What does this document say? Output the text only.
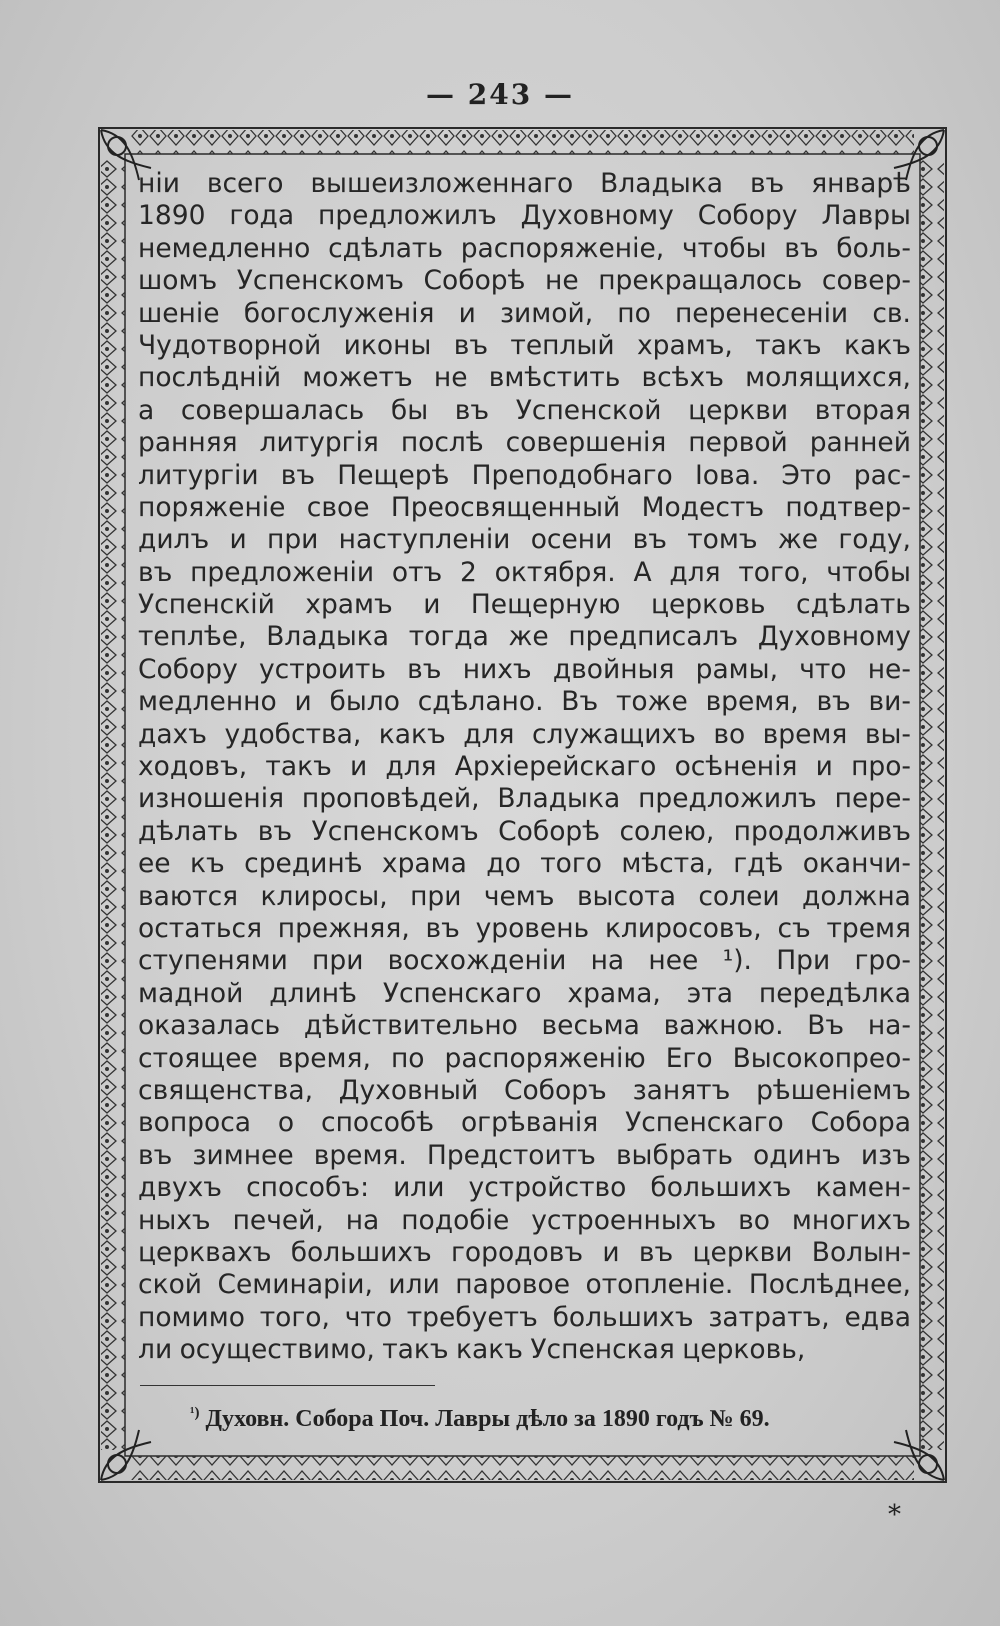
— 243 —
нiи всего вышеизложеннаго Владыка въ январѣ
1890 года предложилъ Духовному Собору Лавры
немедленно сдѣлать распоряженiе, чтобы въ боль-
шомъ Успенскомъ Соборѣ не прекращалось совер-
шенiе богослуженiя и зимой, по перенесенiи св.
Чудотворной иконы въ теплый храмъ, такъ какъ
послѣднiй можетъ не вмѣстить всѣхъ молящихся,
а совершалась бы въ Успенской церкви вторая
ранняя литургiя послѣ совершенiя первой ранней
литургiи въ Пещерѣ Преподобнаго Iова. Это рас-
поряженiе свое Преосвященный Модестъ подтвер-
дилъ и при наступленiи осени въ томъ же году,
въ предложенiи отъ 2 октября. А для того, чтобы
Успенскiй храмъ и Пещерную церковь сдѣлать
теплѣе, Владыка тогда же предписалъ Духовному
Собору устроить въ нихъ двойныя рамы, что не-
медленно и было сдѣлано. Въ тоже время, въ ви-
дахъ удобства, какъ для служащихъ во время вы-
ходовъ, такъ и для Архiерейскаго осѣненiя и про-
изношенiя проповѣдей, Владыка предложилъ пере-
дѣлать въ Успенскомъ Соборѣ солею, продолживъ
ее къ срединѣ храма до того мѣста, гдѣ оканчи-
ваются клиросы, при чемъ высота солеи должна
остаться прежняя, въ уровень клиросовъ, съ тремя
ступенями при восхожденiи на нее ¹). При гро-
мадной длинѣ Успенскаго храма, эта передѣлка
оказалась дѣйствительно весьма важною. Въ на-
стоящее время, по распоряженiю Его Высокопрео-
священства, Духовный Соборъ занятъ рѣшенiемъ
вопроса о способѣ огрѣванiя Успенскаго Собора
въ зимнее время. Предстоитъ выбрать одинъ изъ
двухъ способъ: или устройство большихъ камен-
ныхъ печей, на подобiе устроенныхъ во многихъ
церквахъ большихъ городовъ и въ церкви Волын-
ской Семинарiи, или паровое отопленiе. Послѣднее,
помимо того, что требуетъ большихъ затратъ, едва
ли осуществимо, такъ какъ Успенская церковь,
$^{^1)}$ Духовн. Собора Поч. Лавры дѣло за 1890 годъ № 69.
*
